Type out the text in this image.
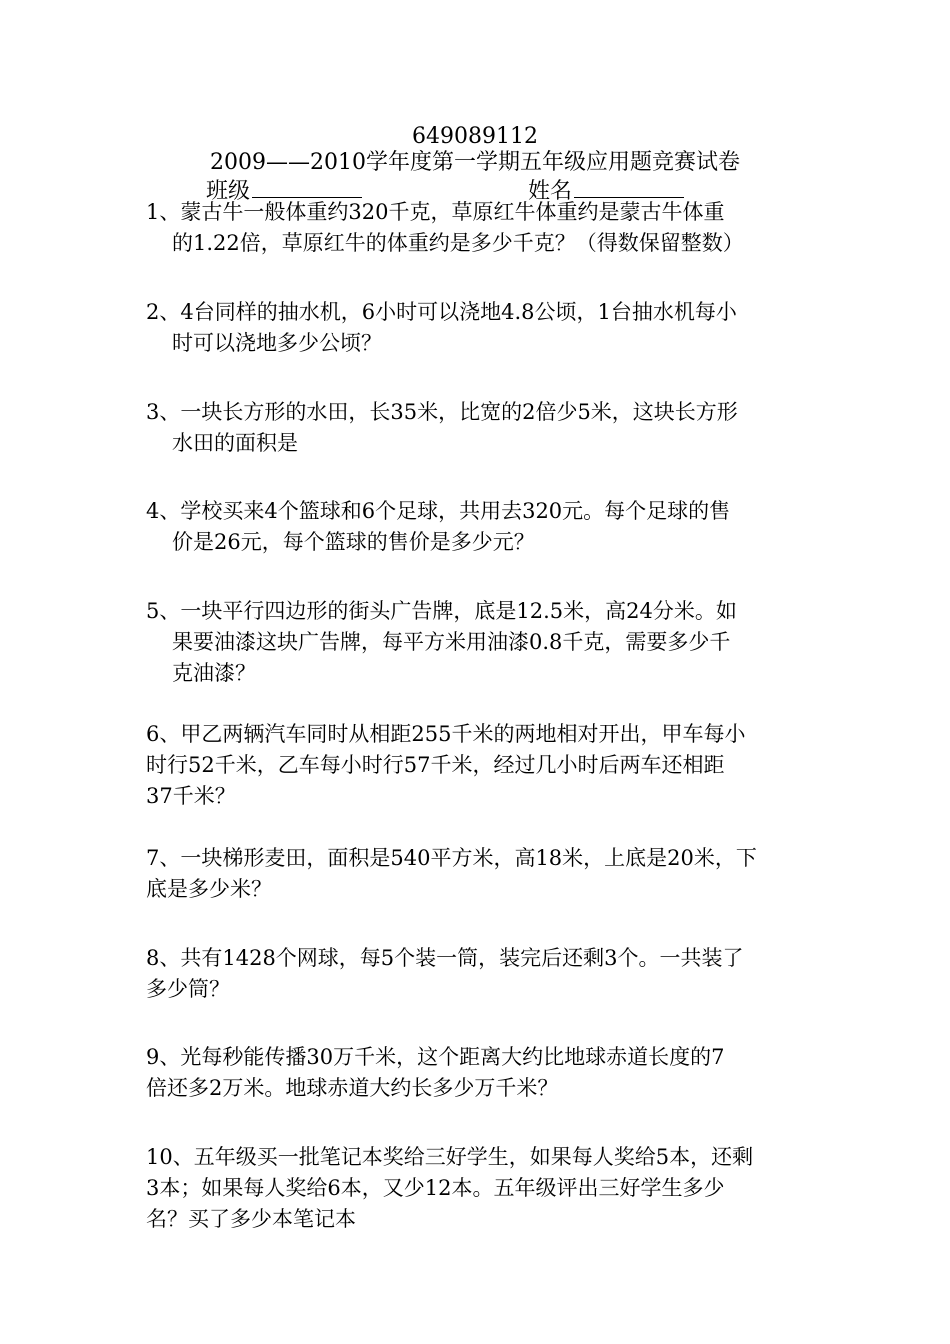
649089112
2009——2010学年度第一学期五年级应用题竞赛试卷
班级	姓名
1、蒙古牛一般体重约320千克，草原红牛体重约是蒙古牛体重
的1.22倍，草原红牛的体重约是多少千克？（得数保留整数）
2、4台同样的抽水机，6小时可以浇地4.8公顷，1台抽水机每小
时可以浇地多少公顷？
3、一块长方形的水田，长35米，比宽的2倍少5米，这块长方形
水田的面积是
4、学校买来4个篮球和6个足球，共用去320元。每个足球的售
价是26元，每个篮球的售价是多少元？
5、一块平行四边形的街头广告牌，底是12.5米，高24分米。如
果要油漆这块广告牌，每平方米用油漆0.8千克，需要多少千
克油漆？
6、甲乙两辆汽车同时从相距255千米的两地相对开出，甲车每小
时行52千米，乙车每小时行57千米，经过几小时后两车还相距
37千米？
7、一块梯形麦田，面积是540平方米，高18米，上底是20米，下
底是多少米？
8、共有1428个网球，每5个装一筒，装完后还剩3个。一共装了
多少筒？
9、光每秒能传播30万千米，这个距离大约比地球赤道长度的7
倍还多2万米。地球赤道大约长多少万千米？
10、五年级买一批笔记本奖给三好学生，如果每人奖给5本，还剩
3本；如果每人奖给6本，又少12本。五年级评出三好学生多少
名？买了多少本笔记本
